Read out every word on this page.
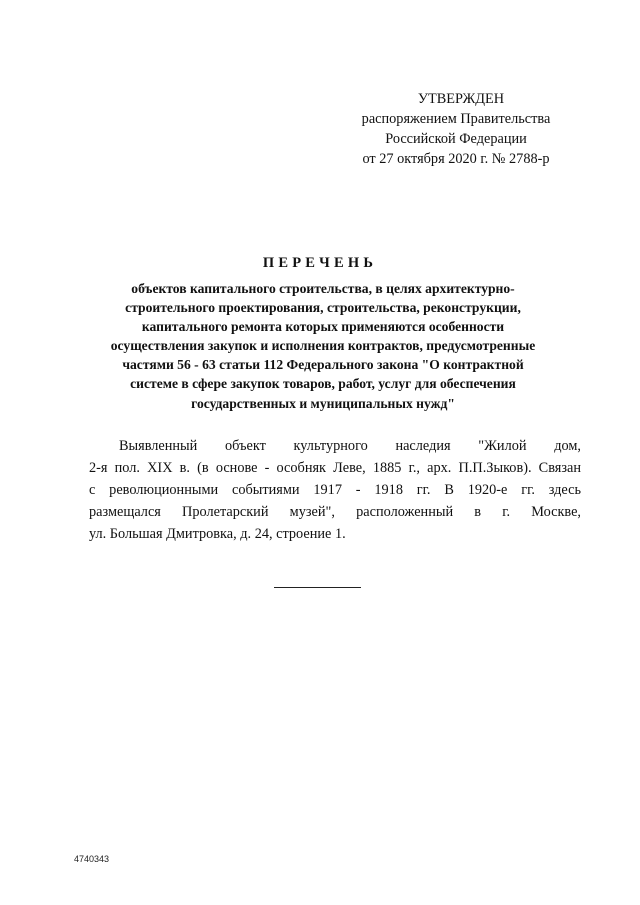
УТВЕРЖДЕН
распоряжением Правительства
Российской Федерации
от 27 октября 2020 г. № 2788-р
ПЕРЕЧЕНЬ
объектов капитального строительства, в целях архитектурно-
строительного проектирования, строительства, реконструкции,
капитального ремонта которых применяются особенности
осуществления закупок и исполнения контрактов, предусмотренные
частями 56 - 63 статьи 112 Федерального закона "О контрактной
системе в сфере закупок товаров, работ, услуг для обеспечения
государственных и муниципальных нужд"
Выявленный объект культурного наследия "Жилой дом,
2-я пол. XIX в. (в основе - особняк Леве, 1885 г., арх. П.П.Зыков). Связан
с революционными событиями 1917 - 1918 гг. В 1920-е гг. здесь
размещался Пролетарский музей", расположенный в г. Москве,
ул. Большая Дмитровка, д. 24, строение 1.
4740343
